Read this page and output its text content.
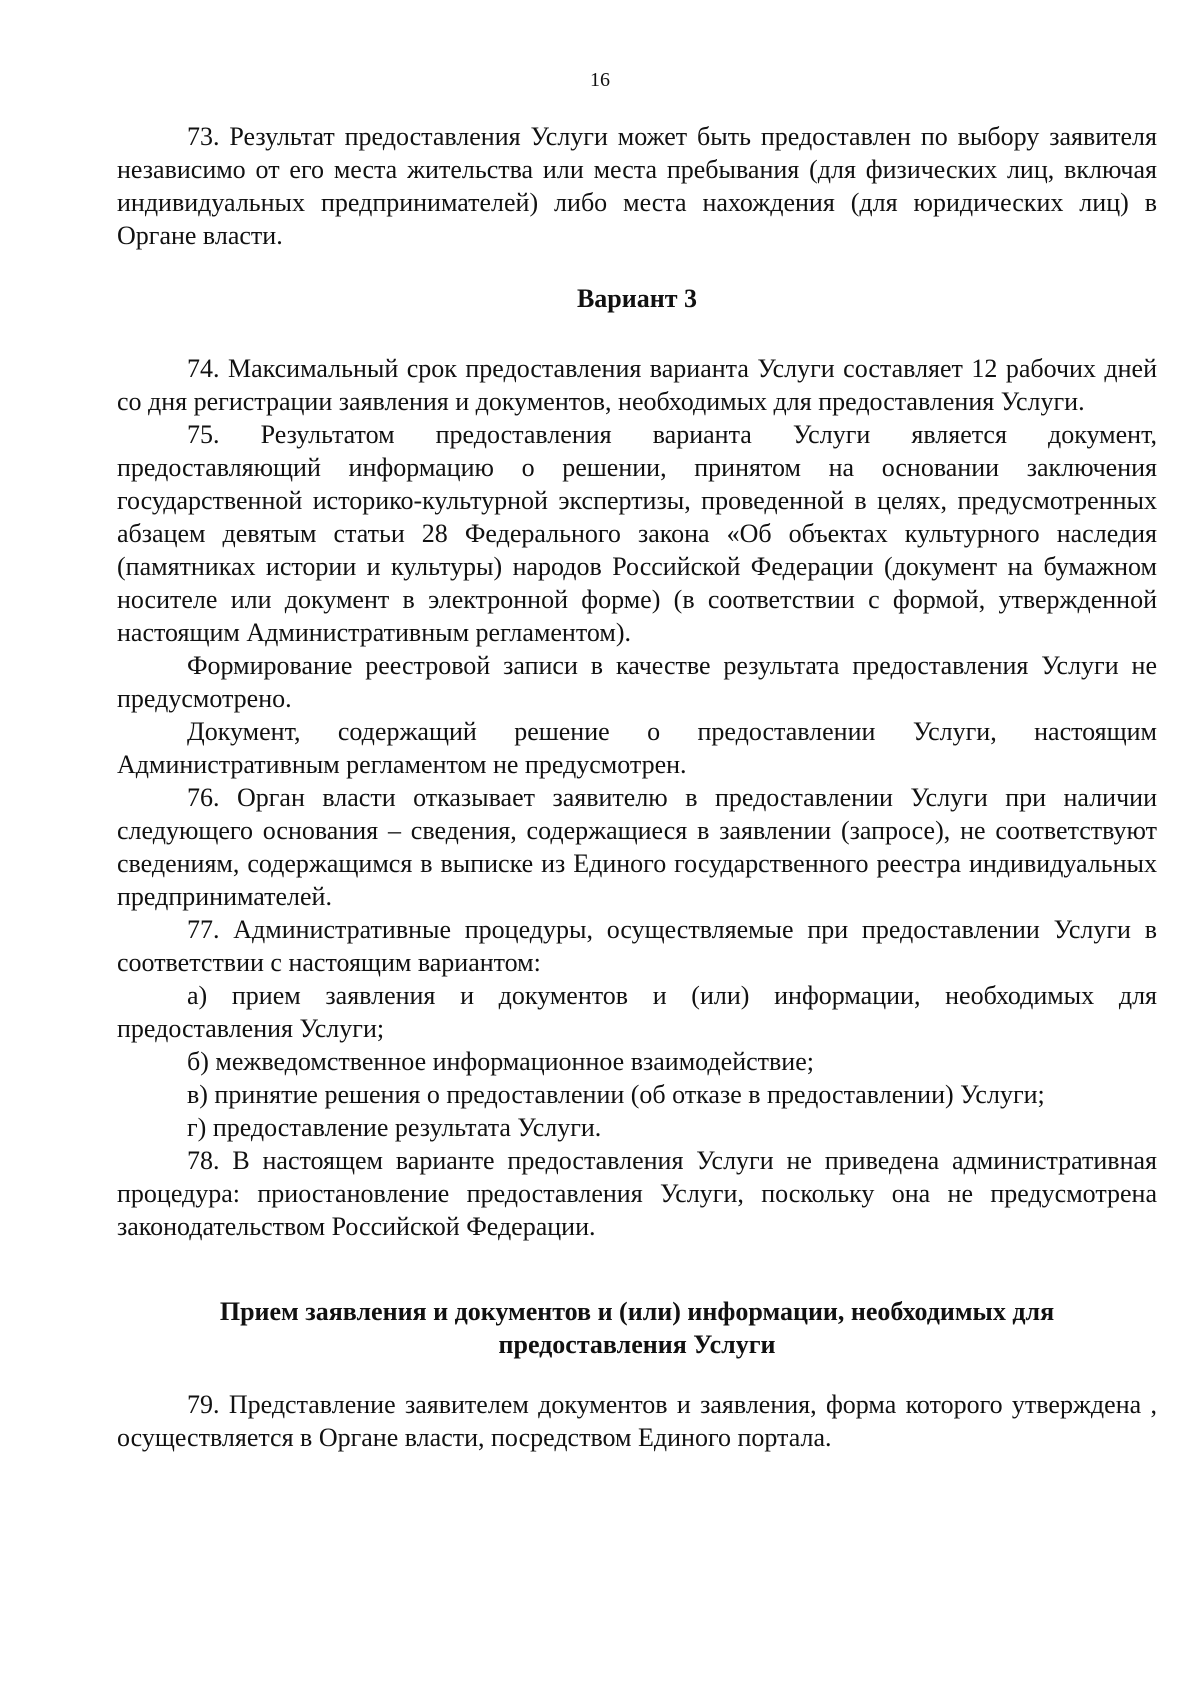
16

73. Результат предоставления Услуги может быть предоставлен по выбору заявителя независимо от его места жительства или места пребывания (для физических лиц, включая индивидуальных предпринимателей) либо места нахождения (для юридических лиц) в Органе власти.

Вариант 3

74. Максимальный срок предоставления варианта Услуги составляет 12 рабочих дней со дня регистрации заявления и документов, необходимых для предоставления Услуги.

75. Результатом предоставления варианта Услуги является документ, предоставляющий информацию о решении, принятом на основании заключения государственной историко-культурной экспертизы, проведенной в целях, предусмотренных абзацем девятым статьи 28 Федерального закона «Об объектах культурного наследия (памятниках истории и культуры) народов Российской Федерации (документ на бумажном носителе или документ в электронной форме) (в соответствии с формой, утвержденной настоящим Административным регламентом).

Формирование реестровой записи в качестве результата предоставления Услуги не предусмотрено.

Документ, содержащий решение о предоставлении Услуги, настоящим Административным регламентом не предусмотрен.

76. Орган власти отказывает заявителю в предоставлении Услуги при наличии следующего основания – сведения, содержащиеся в заявлении (запросе), не соответствуют сведениям, содержащимся в выписке из Единого государственного реестра индивидуальных предпринимателей.

77. Административные процедуры, осуществляемые при предоставлении Услуги в соответствии с настоящим вариантом:

а) прием заявления и документов и (или) информации, необходимых для предоставления Услуги;

б) межведомственное информационное взаимодействие;

в) принятие решения о предоставлении (об отказе в предоставлении) Услуги;

г) предоставление результата Услуги.

78. В настоящем варианте предоставления Услуги не приведена административная процедура: приостановление предоставления Услуги, поскольку она не предусмотрена законодательством Российской Федерации.

Прием заявления и документов и (или) информации, необходимых для
предоставления Услуги

79. Представление заявителем документов и заявления, форма которого утверждена , осуществляется в Органе власти, посредством Единого портала.
